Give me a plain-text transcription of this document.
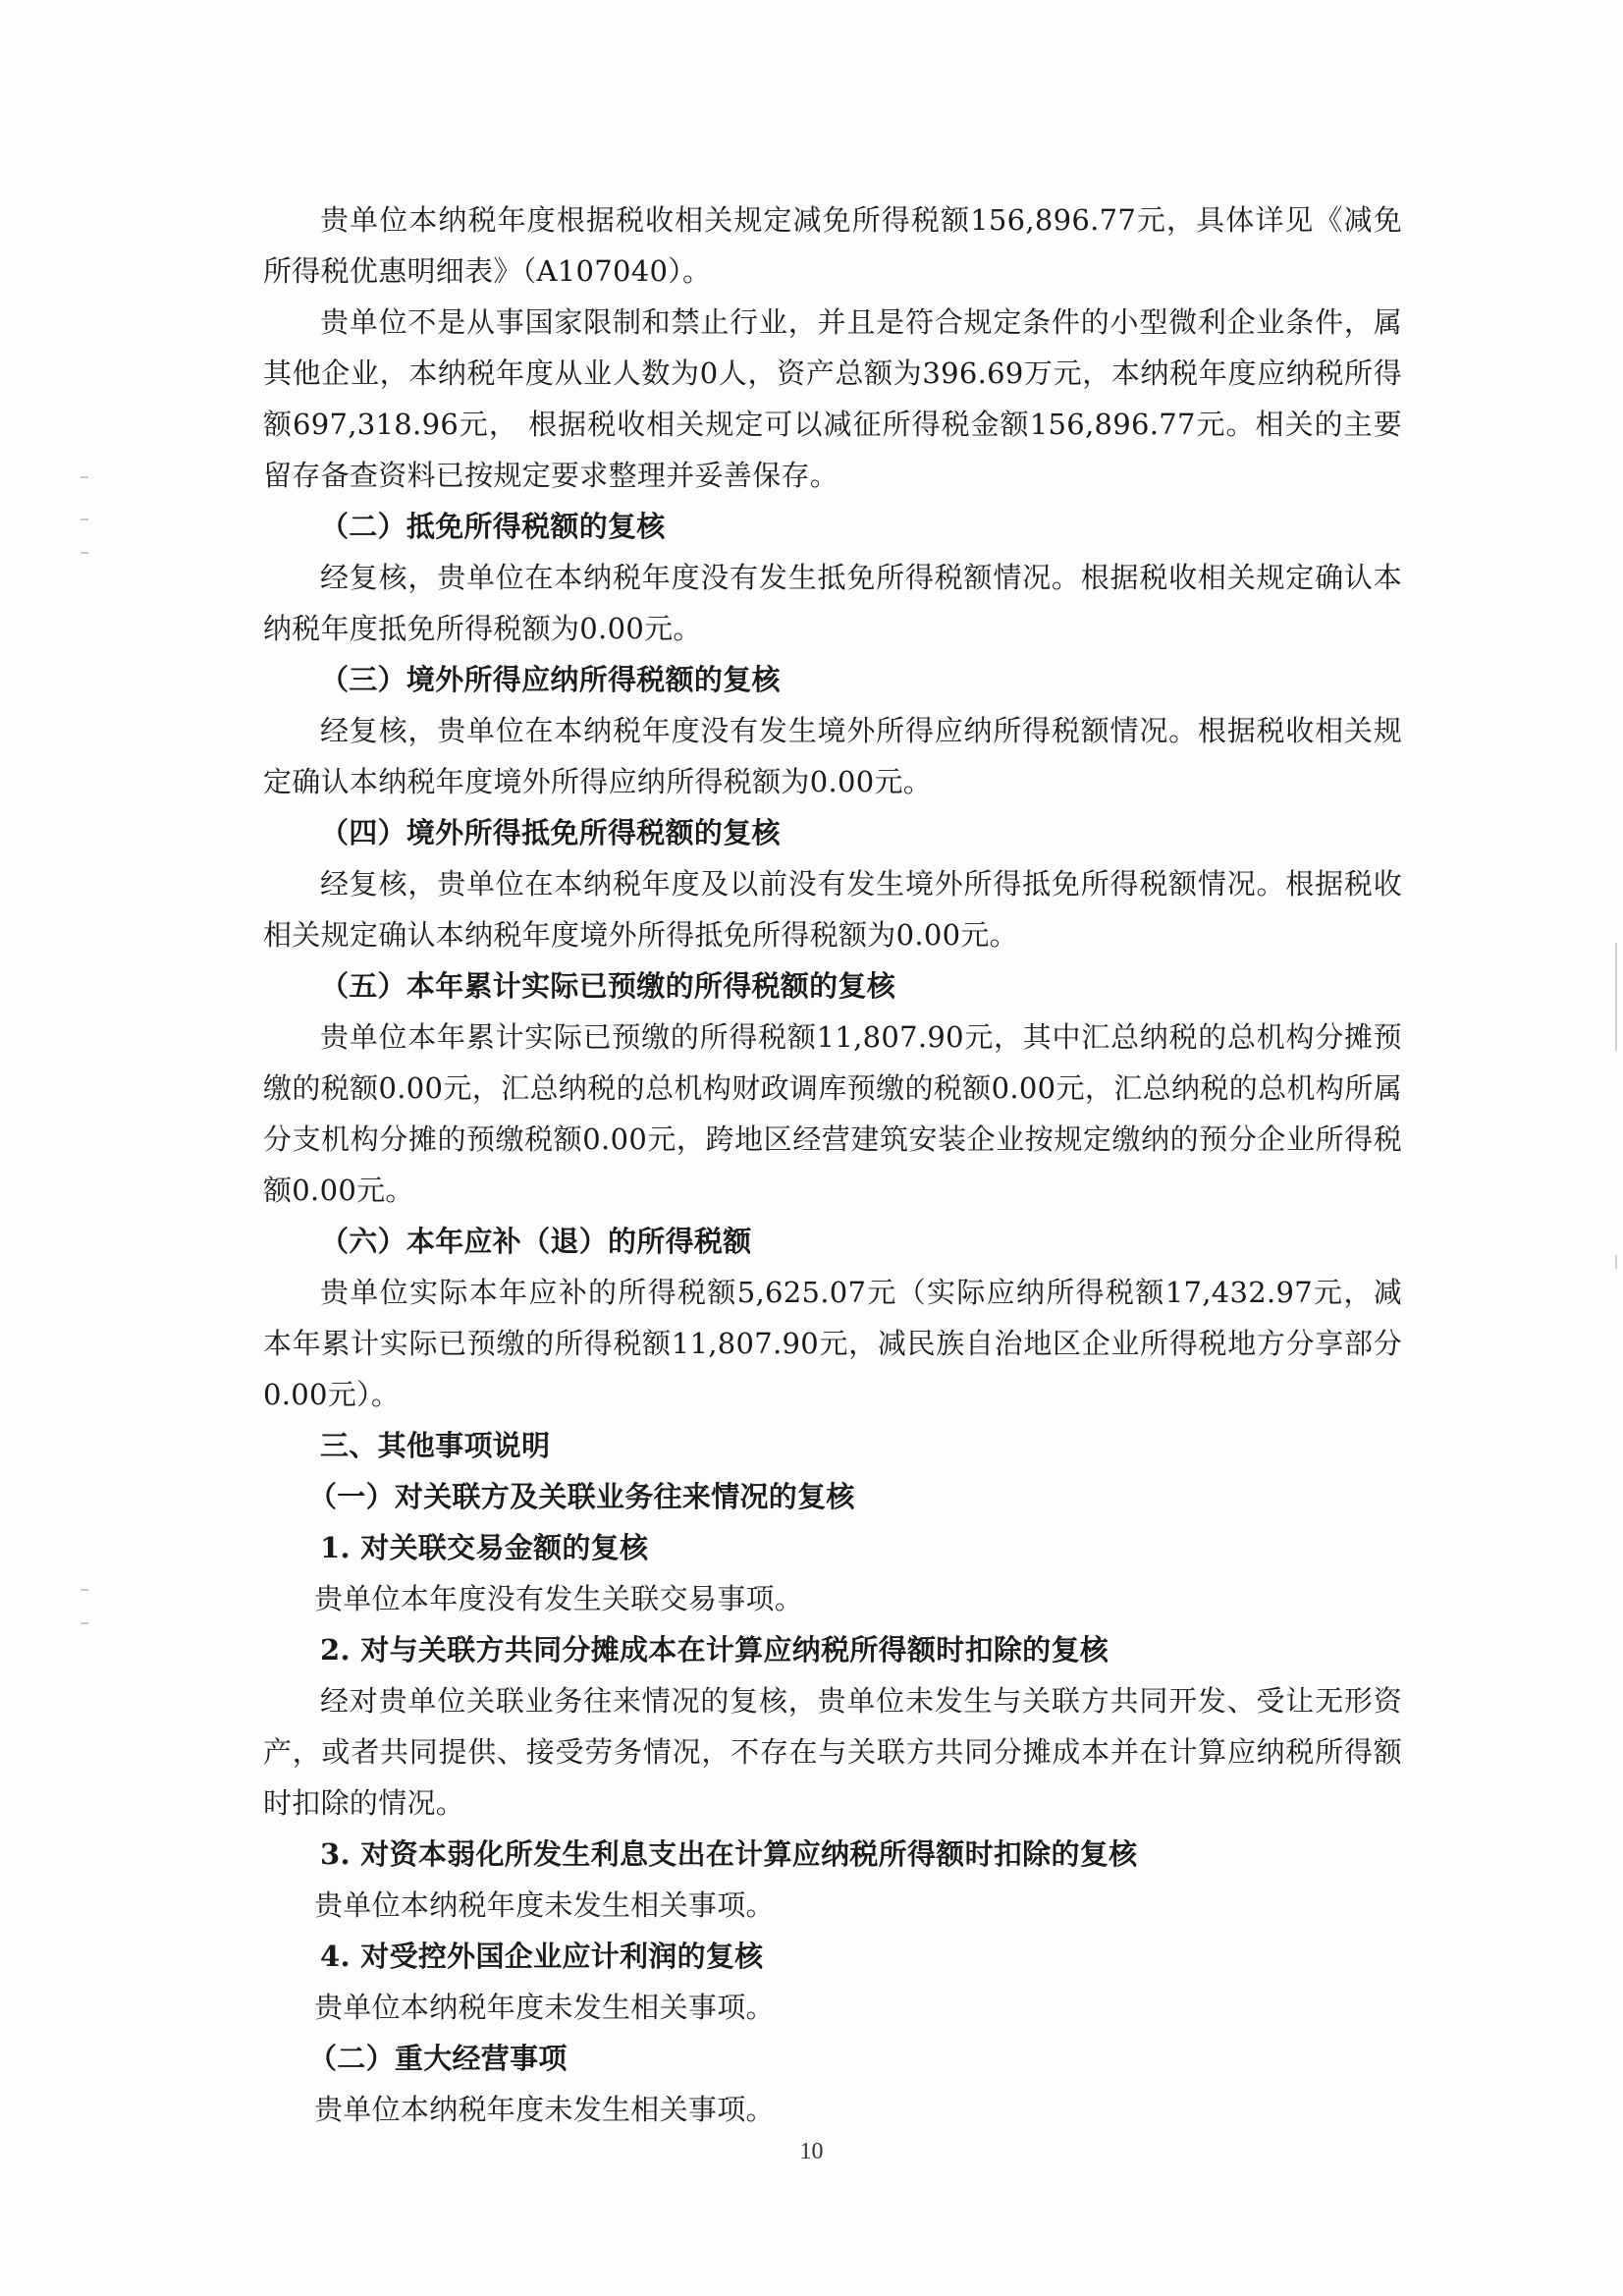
贵单位本纳税年度根据税收相关规定减免所得税额156,896.77元，具体详见《减免所得税优惠明细表》（A107040）。

贵单位不是从事国家限制和禁止行业，并且是符合规定条件的小型微利企业条件，属其他企业，本纳税年度从业人数为0人，资产总额为396.69万元，本纳税年度应纳税所得额697,318.96元， 根据税收相关规定可以减征所得税金额156,896.77元。相关的主要留存备查资料已按规定要求整理并妥善保存。

（二）抵免所得税额的复核

经复核，贵单位在本纳税年度没有发生抵免所得税额情况。根据税收相关规定确认本纳税年度抵免所得税额为0.00元。

（三）境外所得应纳所得税额的复核

经复核，贵单位在本纳税年度没有发生境外所得应纳所得税额情况。根据税收相关规定确认本纳税年度境外所得应纳所得税额为0.00元。

（四）境外所得抵免所得税额的复核

经复核，贵单位在本纳税年度及以前没有发生境外所得抵免所得税额情况。根据税收相关规定确认本纳税年度境外所得抵免所得税额为0.00元。

（五）本年累计实际已预缴的所得税额的复核

贵单位本年累计实际已预缴的所得税额11,807.90元，其中汇总纳税的总机构分摊预缴的税额0.00元，汇总纳税的总机构财政调库预缴的税额0.00元，汇总纳税的总机构所属分支机构分摊的预缴税额0.00元，跨地区经营建筑安装企业按规定缴纳的预分企业所得税额0.00元。

（六）本年应补（退）的所得税额

贵单位实际本年应补的所得税额5,625.07元（实际应纳所得税额17,432.97元，减本年累计实际已预缴的所得税额11,807.90元，减民族自治地区企业所得税地方分享部分0.00元）。

三、其他事项说明

（一）对关联方及关联业务往来情况的复核

1. 对关联交易金额的复核

贵单位本年度没有发生关联交易事项。

2. 对与关联方共同分摊成本在计算应纳税所得额时扣除的复核

经对贵单位关联业务往来情况的复核，贵单位未发生与关联方共同开发、受让无形资产，或者共同提供、接受劳务情况，不存在与关联方共同分摊成本并在计算应纳税所得额时扣除的情况。

3. 对资本弱化所发生利息支出在计算应纳税所得额时扣除的复核

贵单位本纳税年度未发生相关事项。

4. 对受控外国企业应计利润的复核

贵单位本纳税年度未发生相关事项。

（二）重大经营事项

贵单位本纳税年度未发生相关事项。

10
